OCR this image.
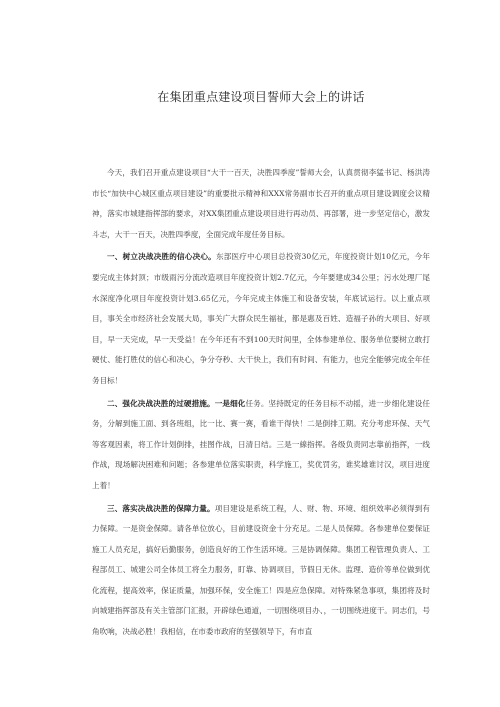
在集团重点建设项目誓师大会上的讲话

今天，我们召开重点建设项目“大干一百天，决胜四季度”誓师大会，认真贯彻李猛书记、杨洪涛市长“加快中心城区重点项目建设”的重要批示精神和XXX常务副市长召开的重点项目建设调度会议精神，落实市城建指挥部的要求，对XX集团重点建设项目进行再动员、再部署，进一步坚定信心，激发斗志，大干一百天，决胜四季度，全面完成年度任务目标。

一、树立决战决胜的信心决心。东部医疗中心项目总投资30亿元，年度投资计划10亿元，今年要完成主体封顶；市级雨污分流改造项目年度投资计划2.7亿元，今年要建成34公里；污水处理厂尾水深度净化项目年度投资计划3.65亿元，今年完成主体施工和设备安装，年底试运行。以上重点项目，事关全市经济社会发展大局，事关广大群众民生福祉，都是惠及百姓、造福子孙的大项目、好项目，早一天完成，早一天受益！在今年还有不到100天时间里，全体参建单位、服务单位要树立敢打硬仗、能打胜仗的信心和决心，争分夺秒、大干快上，我们有时间、有能力，也完全能够完成全年任务目标！

二、强化决战决胜的过硬措施。一是细化任务。坚持既定的任务目标不动摇，进一步细化建设任务，分解到施工面、到各班组，比一比、赛一赛，看谁干得快！二是倒排工期。充分考虑环保、天气等客观因素，将工作计划倒排，挂图作战，日清日结。三是一線指挥。各级负责同志靠前指挥，一线作战，现场解决困难和问题；各参建单位落实职责，科学施工，奖优罚劣，谁奖雄谁讨汉，项目进度上着！

三、落实决战决胜的保障力量。项目建设是系统工程，人、财、物、环境、组织效率必须得到有力保障。一是资金保障。请各单位放心，目前建设资金十分充足。二是人员保障。各参建单位要保证施工人员充足，搞好后勤服务，创造良好的工作生活环境。三是协调保障。集团工程管理负责人、工程部员工、城建公司全体员工将全力服务，盯靠、协调项目，节假日无休。监理、造价等单位做到优化流程，提高效率，保证质量，加强环保，安全施工！四是应急保障。对特殊紧急事项，集团将及时向城建指挥部及有关主管部门汇报，开辟绿色通道，一切围绕项目办、，一切围绕进度干。同志们，号角吹响，决战必胜！我相信，在市委市政府的坚强领导下，有市直
